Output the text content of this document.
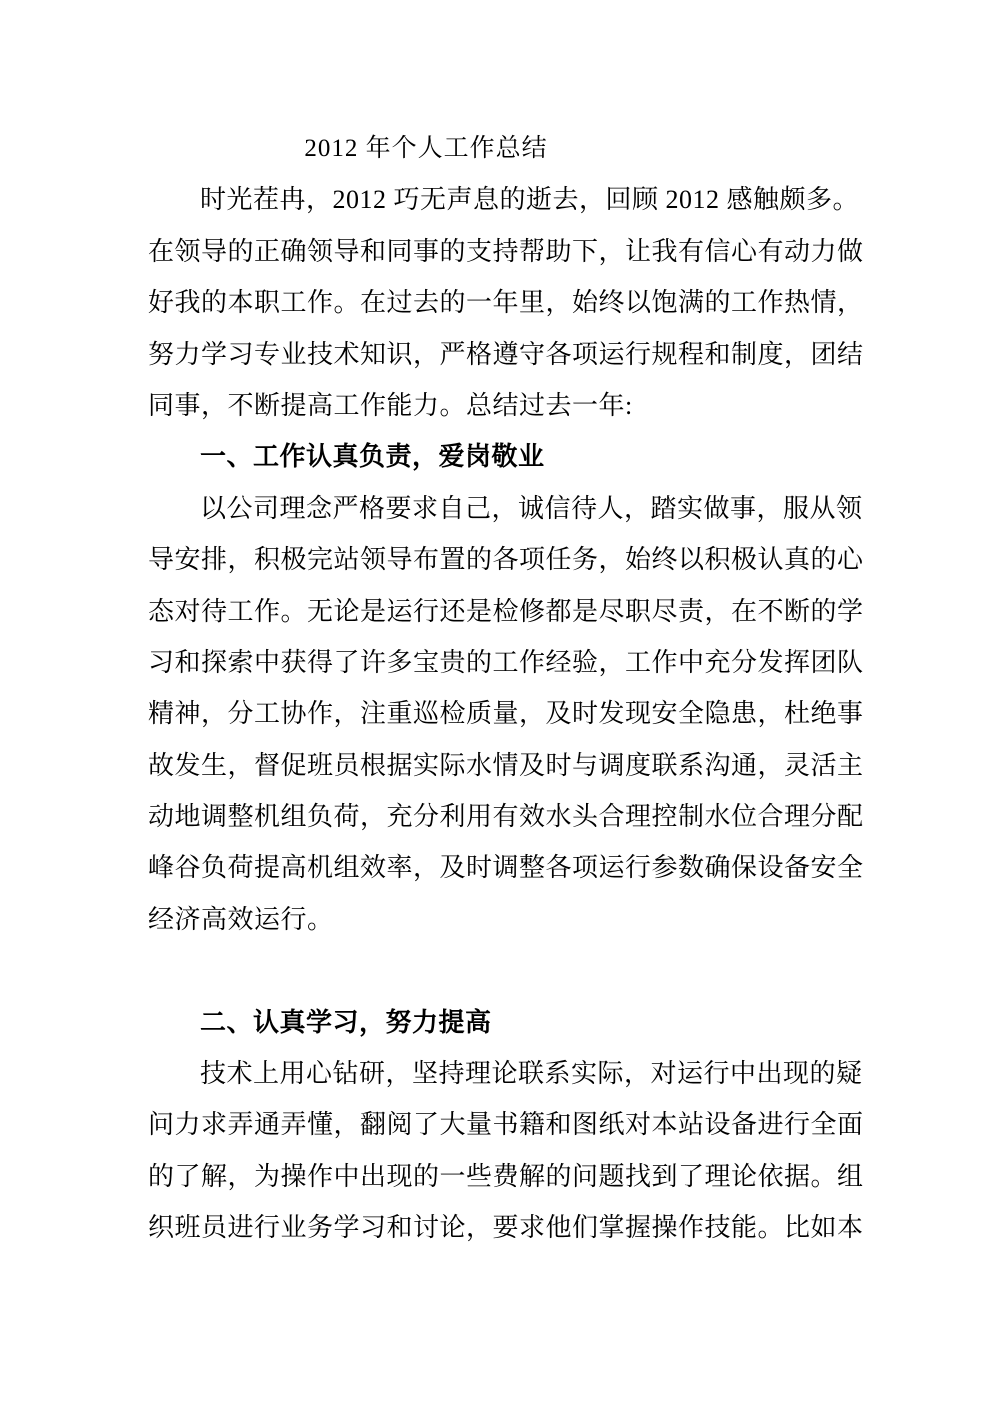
2012 年个人工作总结
时光茬冉，2012 巧无声息的逝去，回顾 2012 感触颇多。
在领导的正确领导和同事的支持帮助下，让我有信心有动力做
好我的本职工作。在过去的一年里，始终以饱满的工作热情，
努力学习专业技术知识，严格遵守各项运行规程和制度，团结
同事，不断提高工作能力。总结过去一年:
一、工作认真负责，爱岗敬业
以公司理念严格要求自己，诚信待人，踏实做事，服从领
导安排，积极完站领导布置的各项任务，始终以积极认真的心
态对待工作。无论是运行还是检修都是尽职尽责，在不断的学
习和探索中获得了许多宝贵的工作经验，工作中充分发挥团队
精神，分工协作，注重巡检质量，及时发现安全隐患，杜绝事
故发生，督促班员根据实际水情及时与调度联系沟通，灵活主
动地调整机组负荷，充分利用有效水头合理控制水位合理分配
峰谷负荷提高机组效率，及时调整各项运行参数确保设备安全
经济高效运行。
二、认真学习，努力提高
技术上用心钻研，坚持理论联系实际，对运行中出现的疑
问力求弄通弄懂，翻阅了大量书籍和图纸对本站设备进行全面
的了解，为操作中出现的一些费解的问题找到了理论依据。组
织班员进行业务学习和讨论，要求他们掌握操作技能。比如本
